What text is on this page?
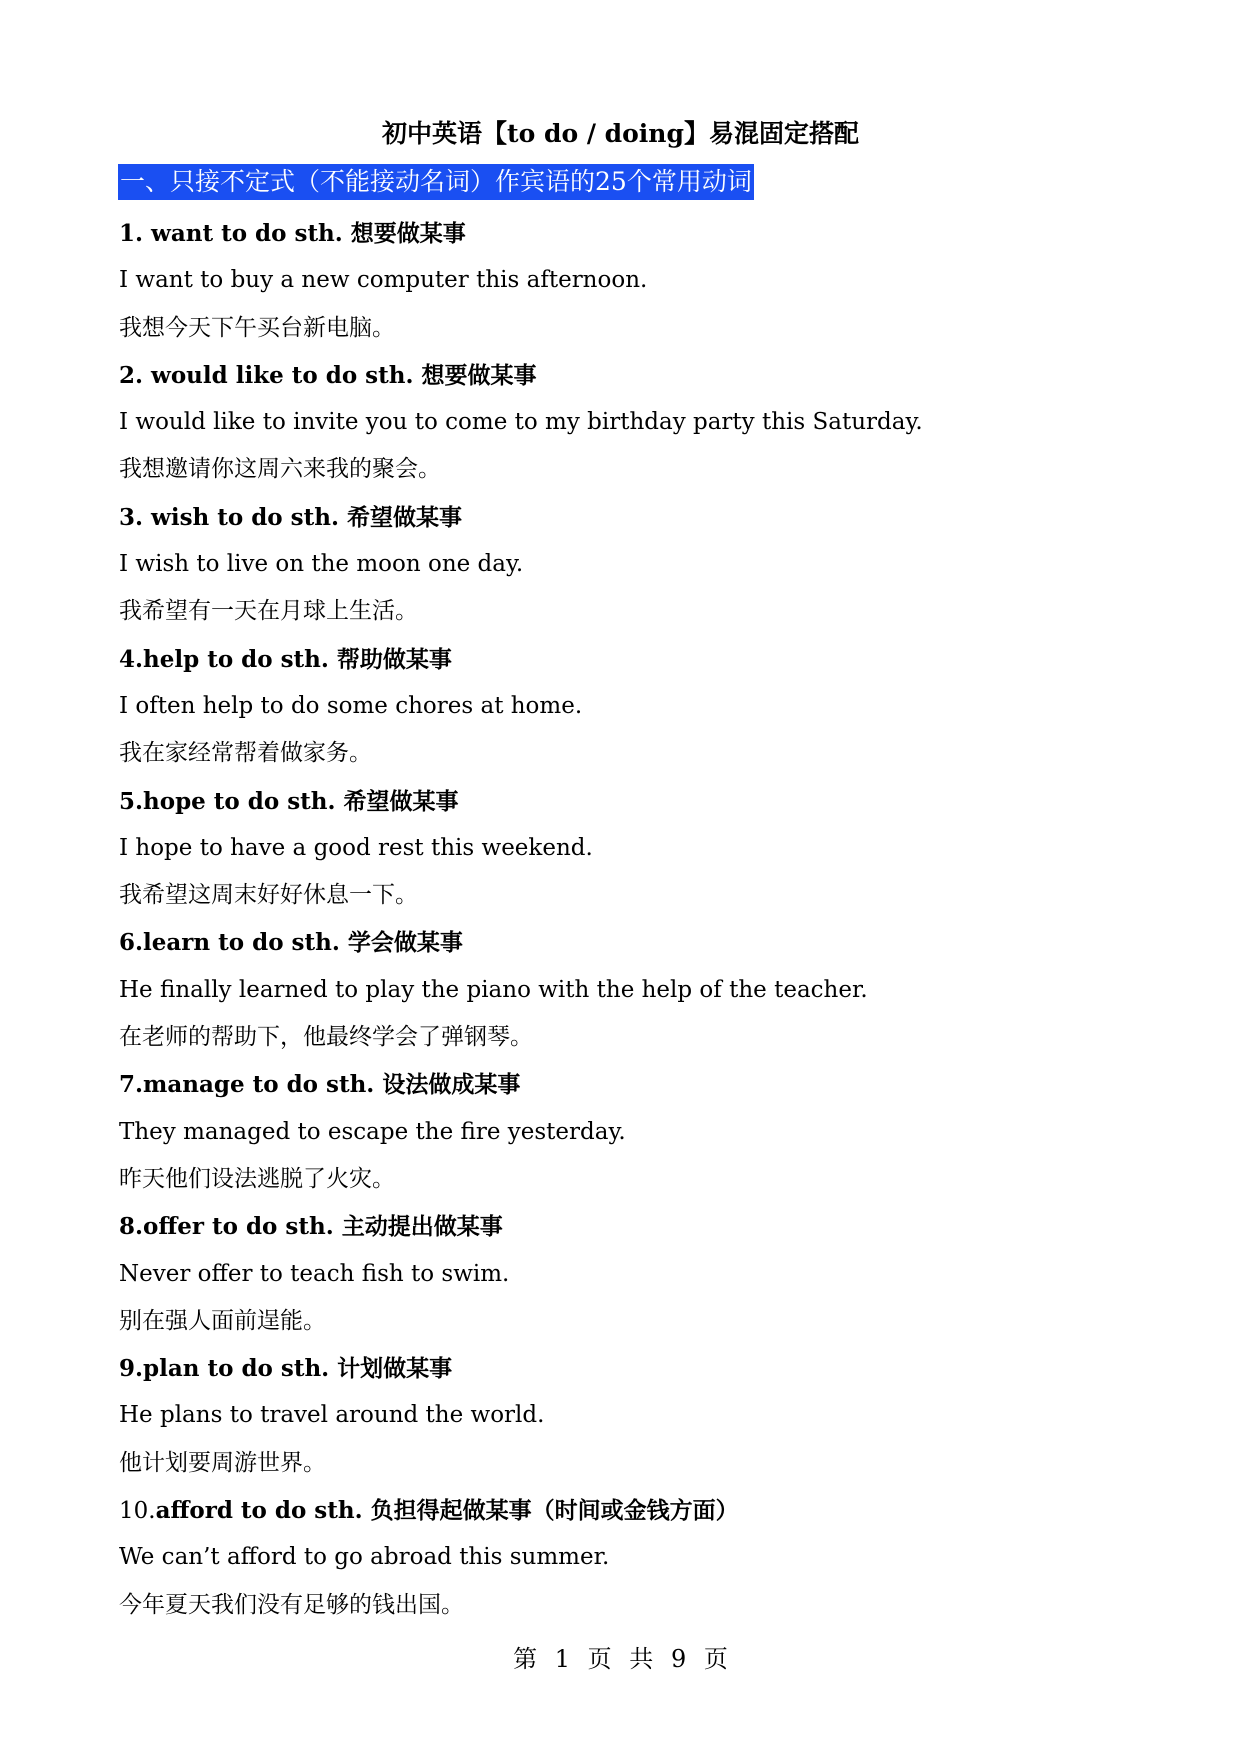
初中英语【to do / doing】易混固定搭配
一、只接不定式（不能接动名词）作宾语的25个常用动词
1. want to do sth. 想要做某事
I want to buy a new computer this afternoon.
我想今天下午买台新电脑。
2. would like to do sth. 想要做某事
I would like to invite you to come to my birthday party this Saturday.
我想邀请你这周六来我的聚会。
3. wish to do sth. 希望做某事
I wish to live on the moon one day.
我希望有一天在月球上生活。
4.help to do sth. 帮助做某事
I often help to do some chores at home.
我在家经常帮着做家务。
5.hope to do sth. 希望做某事
I hope to have a good rest this weekend.
我希望这周末好好休息一下。
6.learn to do sth. 学会做某事
He finally learned to play the piano with the help of the teacher.
在老师的帮助下，他最终学会了弹钢琴。
7.manage to do sth. 设法做成某事
They managed to escape the fire yesterday.
昨天他们设法逃脱了火灾。
8.offer to do sth. 主动提出做某事
Never offer to teach fish to swim.
别在强人面前逞能。
9.plan to do sth. 计划做某事
He plans to travel around the world.
他计划要周游世界。
10.afford to do sth. 负担得起做某事（时间或金钱方面）
We can’t afford to go abroad this summer.
今年夏天我们没有足够的钱出国。
第 1 页 共 9 页
